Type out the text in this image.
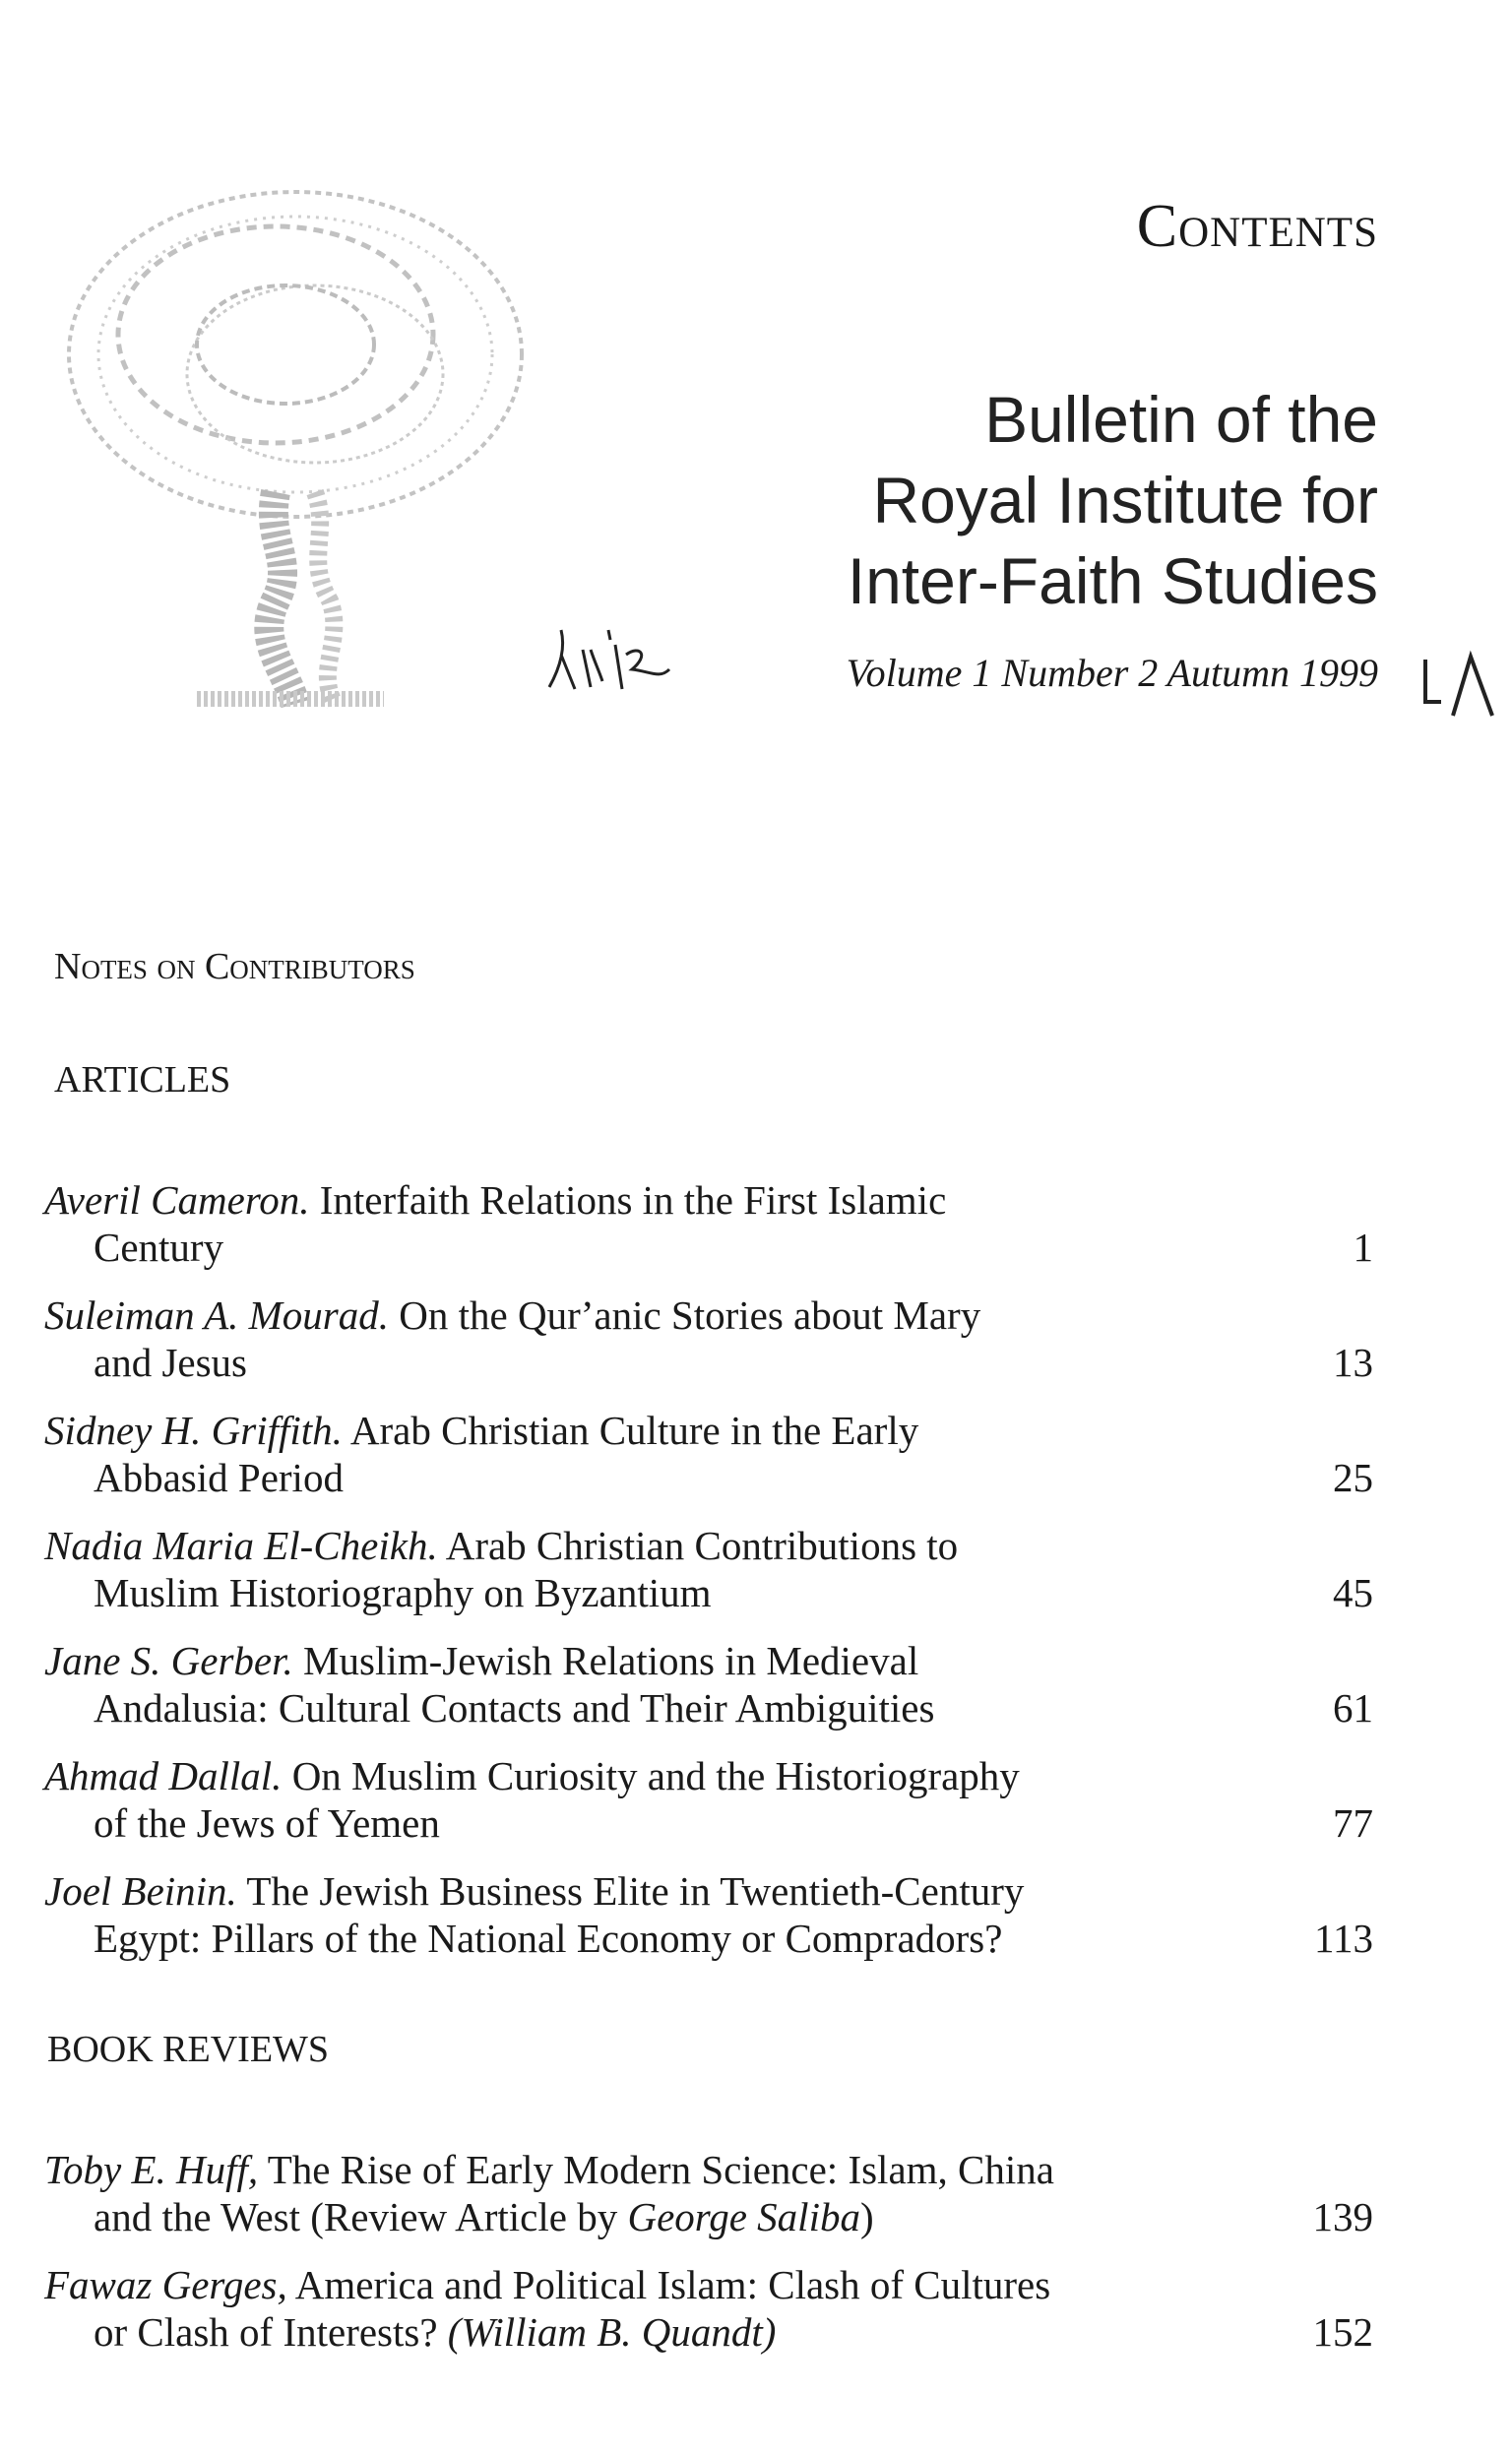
Contents
Bulletin of the
Royal Institute for
Inter-Faith Studies
Volume 1 Number 2 Autumn 1999
Notes on Contributors
ARTICLES
Averil Cameron. Interfaith Relations in the First Islamic
Century	1
Suleiman A. Mourad. On the Qurʼanic Stories about Mary
and Jesus	13
Sidney H. Griffith. Arab Christian Culture in the Early
Abbasid Period	25
Nadia Maria El-Cheikh. Arab Christian Contributions to
Muslim Historiography on Byzantium	45
Jane S. Gerber. Muslim-Jewish Relations in Medieval
Andalusia: Cultural Contacts and Their Ambiguities	61
Ahmad Dallal. On Muslim Curiosity and the Historiography
of the Jews of Yemen	77
Joel Beinin. The Jewish Business Elite in Twentieth-Century
Egypt: Pillars of the National Economy or Compradors?	113
BOOK REVIEWS
Toby E. Huff, The Rise of Early Modern Science: Islam, China
and the West (Review Article by George Saliba)	139
Fawaz Gerges, America and Political Islam: Clash of Cultures
or Clash of Interests? (William B. Quandt)	152
